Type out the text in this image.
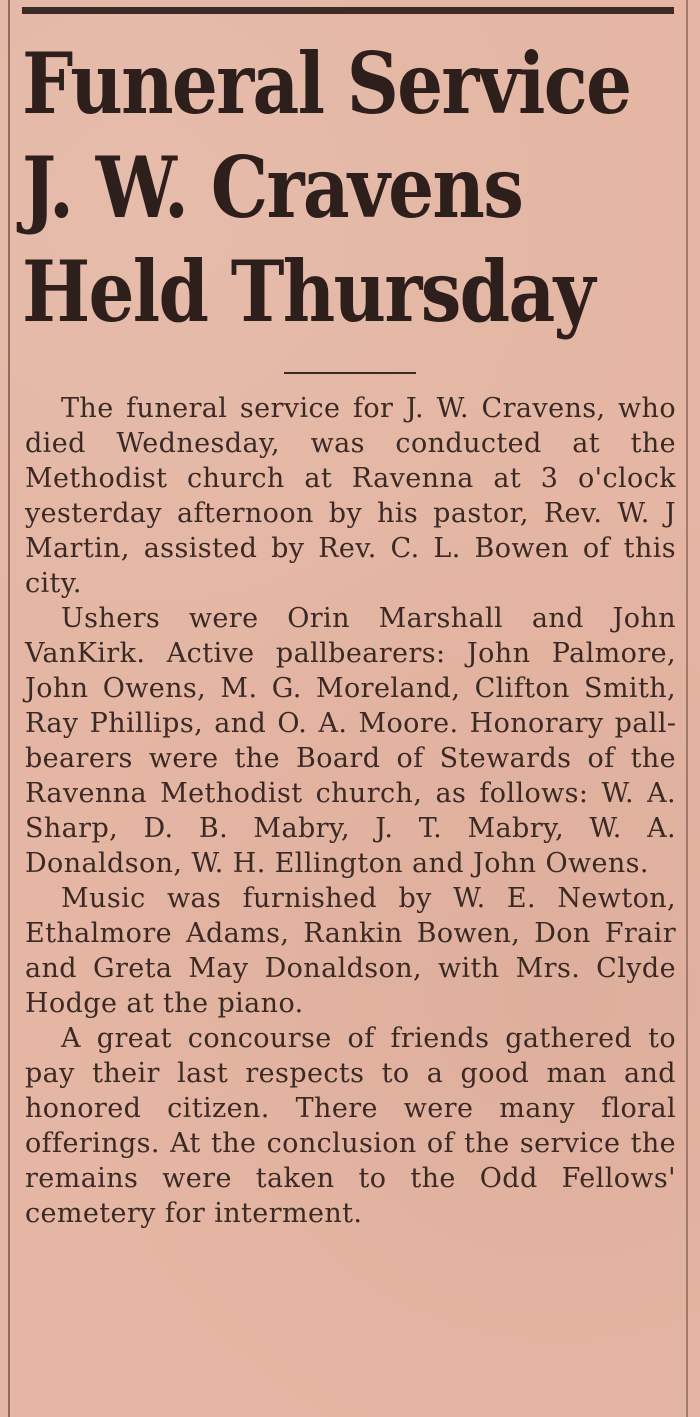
Funeral Service
J. W. Cravens
Held Thursday

The funeral service for J. W. Cravens, who died Wednesday, was conducted at the Methodist church at Ravenna at 3 o'clock yesterday afternoon by his pastor, Rev. W. J Martin, assisted by Rev. C. L. Bowen of this city.

Ushers were Orin Marshall and John VanKirk. Active pallbearers: John Palmore, John Owens, M. G. Moreland, Clifton Smith, Ray Phillips, and O. A. Moore. Honorary pallbearers were the Board of Stewards of the Ravenna Methodist church, as follows: W. A. Sharp, D. B. Mabry, J. T. Mabry, W. A. Donaldson, W. H. Ellington and John Owens.

Music was furnished by W. E. Newton, Ethalmore Adams, Rankin Bowen, Don Frair and Greta May Donaldson, with Mrs. Clyde Hodge at the piano.

A great concourse of friends gathered to pay their last respects to a good man and honored citizen. There were many floral offerings. At the conclusion of the service the remains were taken to the Odd Fellows' cemetery for interment.
